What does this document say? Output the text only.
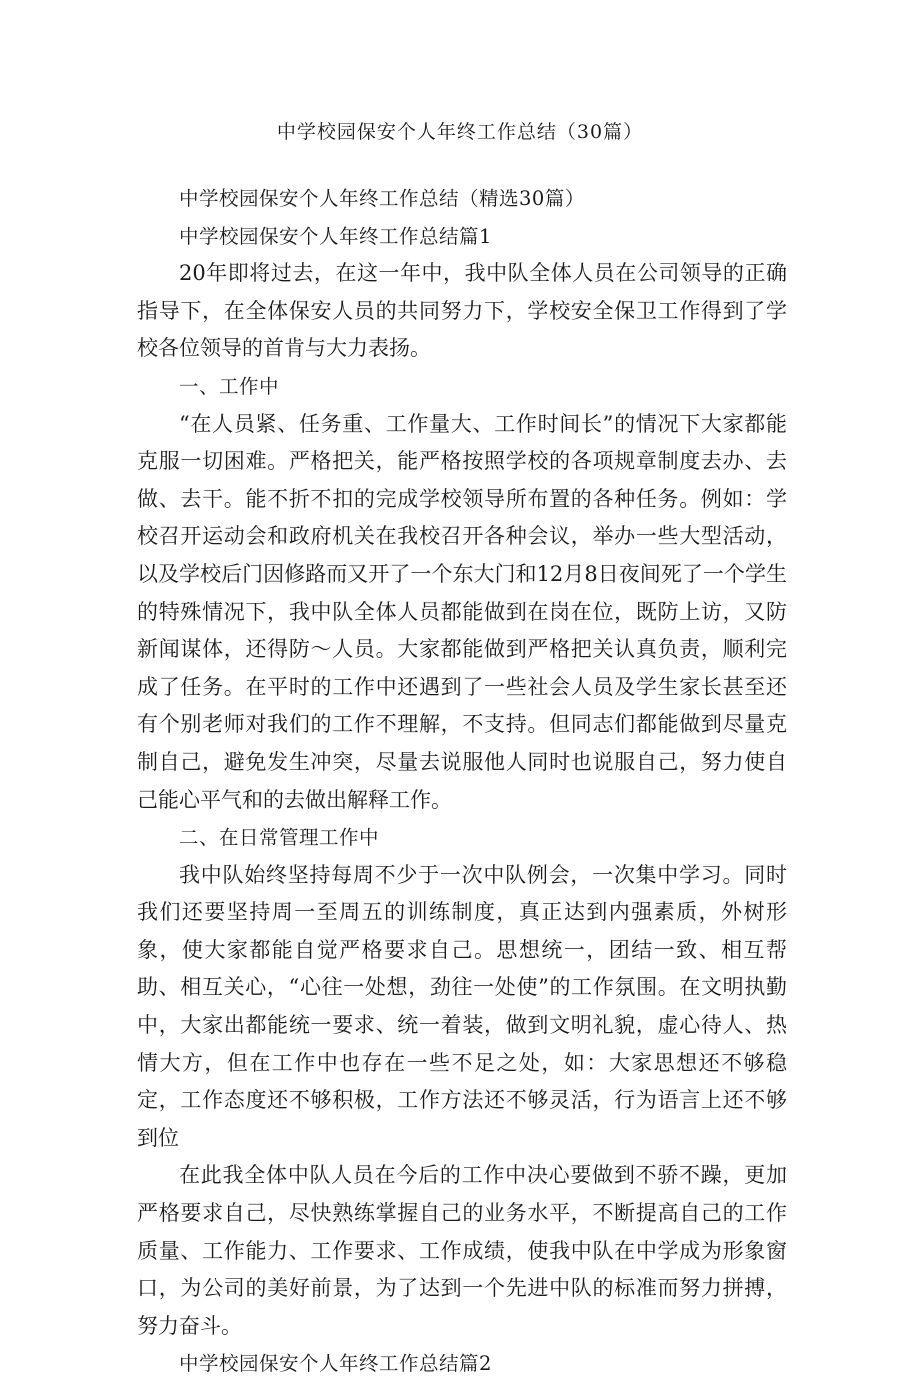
中学校园保安个人年终工作总结（30篇）

中学校园保安个人年终工作总结（精选30篇）

中学校园保安个人年终工作总结篇1

20年即将过去，在这一年中，我中队全体人员在公司领导的正确指导下，在全体保安人员的共同努力下，学校安全保卫工作得到了学校各位领导的首肯与大力表扬。

一、工作中

“在人员紧、任务重、工作量大、工作时间长”的情况下大家都能克服一切困难。严格把关，能严格按照学校的各项规章制度去办、去做、去干。能不折不扣的完成学校领导所布置的各种任务。例如：学校召开运动会和政府机关在我校召开各种会议，举办一些大型活动，以及学校后门因修路而又开了一个东大门和12月8日夜间死了一个学生的特殊情况下，我中队全体人员都能做到在岗在位，既防上访，又防新闻谋体，还得防～人员。大家都能做到严格把关认真负责，顺利完成了任务。在平时的工作中还遇到了一些社会人员及学生家长甚至还有个别老师对我们的工作不理解，不支持。但同志们都能做到尽量克制自己，避免发生冲突，尽量去说服他人同时也说服自己，努力使自己能心平气和的去做出解释工作。

二、在日常管理工作中

我中队始终坚持每周不少于一次中队例会，一次集中学习。同时我们还要坚持周一至周五的训练制度，真正达到内强素质，外树形象，使大家都能自觉严格要求自己。思想统一，团结一致、相互帮助、相互关心，“心往一处想，劲往一处使”的工作氛围。在文明执勤中，大家出都能统一要求、统一着装，做到文明礼貌，虚心待人、热情大方，但在工作中也存在一些不足之处，如：大家思想还不够稳定，工作态度还不够积极，工作方法还不够灵活，行为语言上还不够到位

在此我全体中队人员在今后的工作中决心要做到不骄不躁，更加严格要求自己，尽快熟练掌握自己的业务水平，不断提高自己的工作质量、工作能力、工作要求、工作成绩，使我中队在中学成为形象窗口，为公司的美好前景，为了达到一个先进中队的标准而努力拼搏，努力奋斗。

中学校园保安个人年终工作总结篇2
